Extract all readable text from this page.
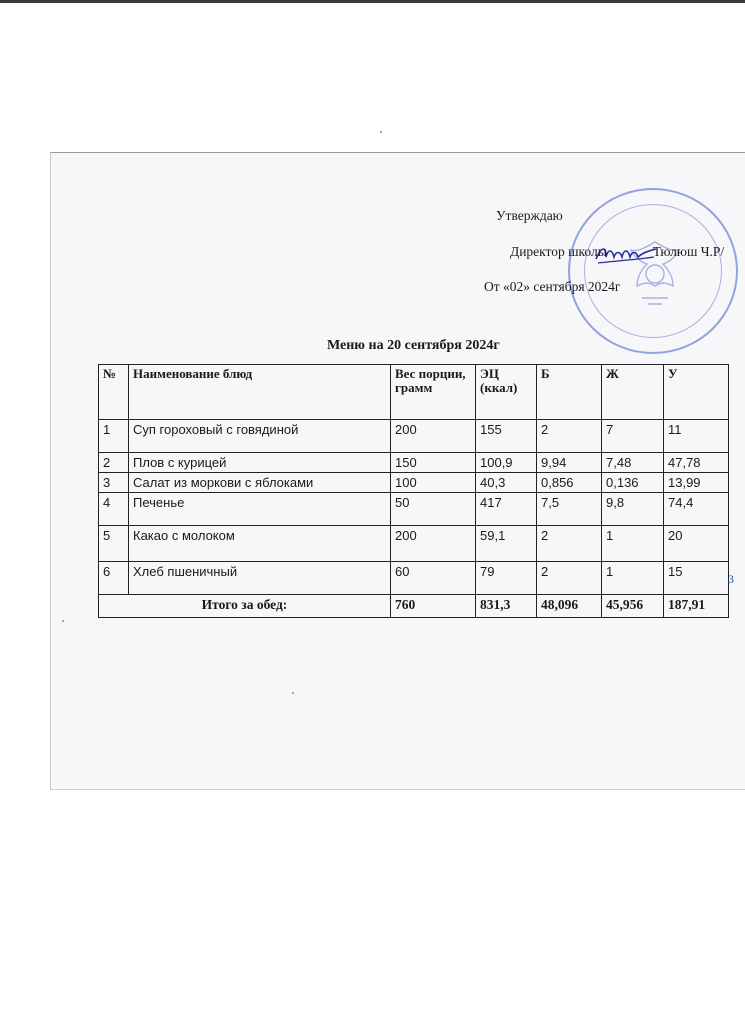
Утверждаю
Директор школы	Тюлюш Ч.Р/
От «02» сентября 2024г
Меню на 20 сентября 2024г
№	Наименование блюд	Вес порции, грамм	ЭЦ (ккал)	Б	Ж	У
1	Суп гороховый с говядиной	200	155	2	7	11
2	Плов с курицей	150	100,9	9,94	7,48	47,78
3	Салат из моркови с яблоками	100	40,3	0,856	0,136	13,99
4	Печенье	50	417	7,5	9,8	74,4
5	Какао с молоком	200	59,1	2	1	20
6	Хлеб пшеничный	60	79	2	1	15
Итого за обед:		760	831,3	48,096	45,956	187,91
3
